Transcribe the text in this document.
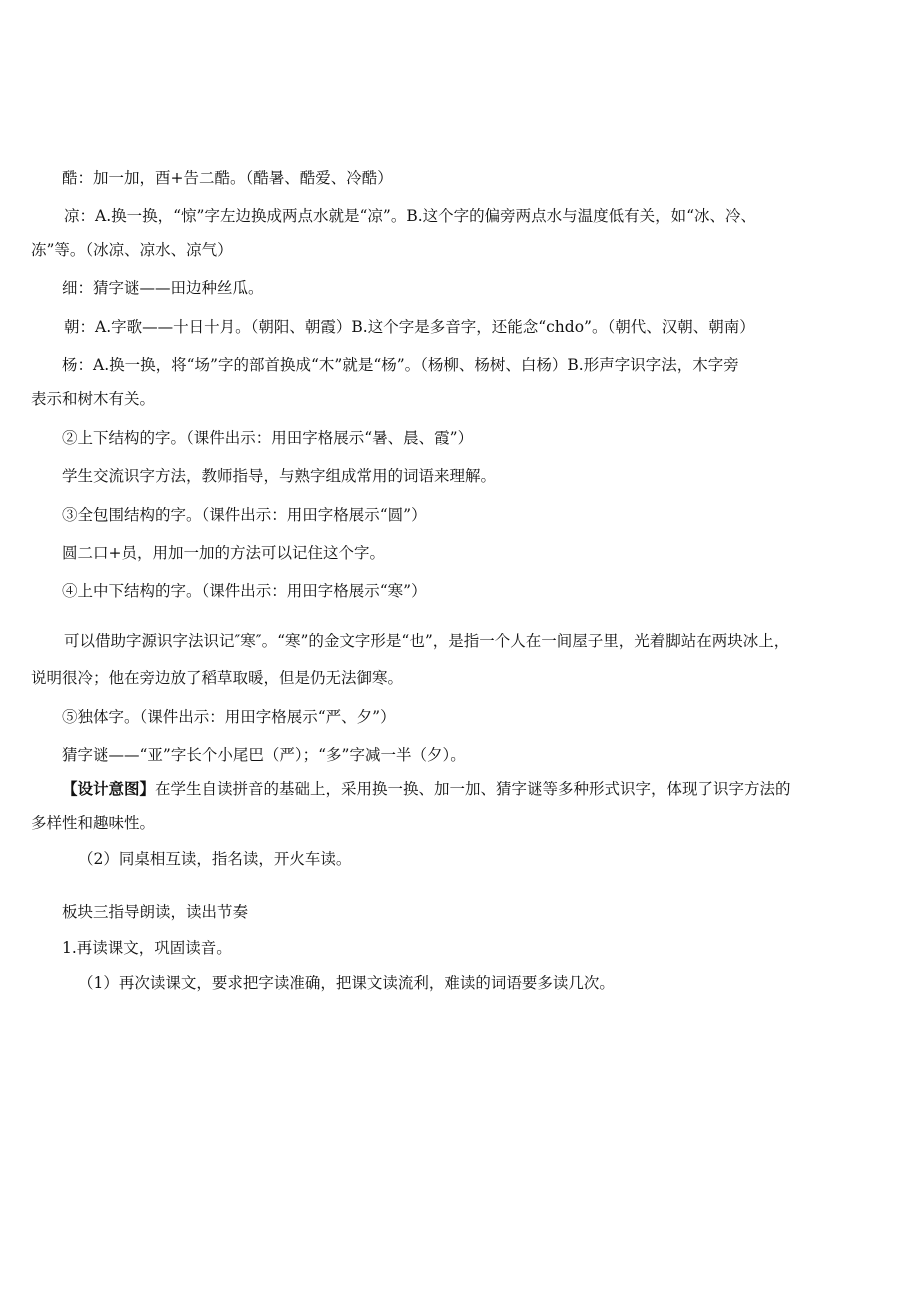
酷：加一加，酉+告二酷。（酷暑、酷爱、冷酷）
凉：A.换一换，“惊”字左边换成两点水就是“凉”。B.这个字的偏旁两点水与温度低有关，如“冰、冷、
冻”等。（冰凉、凉水、凉气）
细：猜字谜——田边种丝瓜。
朝：A.字歌——十日十月。（朝阳、朝霞）B.这个字是多音字，还能念“chdo”。（朝代、汉朝、朝南）
杨：A.换一换，将“场”字的部首换成“木”就是“杨”。（杨柳、杨树、白杨）B.形声字识字法，木字旁
表示和树木有关。
②上下结构的字。（课件出示：用田字格展示“暑、晨、霞”）
学生交流识字方法，教师指导，与熟字组成常用的词语来理解。
③全包围结构的字。（课件出示：用田字格展示“圆”）
圆二口+员，用加一加的方法可以记住这个字。
④上中下结构的字。（课件出示：用田字格展示“寒”）
可以借助字源识字法识记″寒″。“寒”的金文字形是“也”，是指一个人在一间屋子里，光着脚站在两块冰上，
说明很冷；他在旁边放了稻草取暖，但是仍无法御寒。
⑤独体字。（课件出示：用田字格展示“严、夕”）
猜字谜——“亚”字长个小尾巴（严）；“多”字减一半（夕）。
【设计意图】在学生自读拼音的基础上，采用换一换、加一加、猜字谜等多种形式识字，体现了识字方法的
多样性和趣味性。
（2）同桌相互读，指名读，开火车读。
板块三指导朗读，读出节奏
1.再读课文，巩固读音。
（1）再次读课文，要求把字读准确，把课文读流利，难读的词语要多读几次。
